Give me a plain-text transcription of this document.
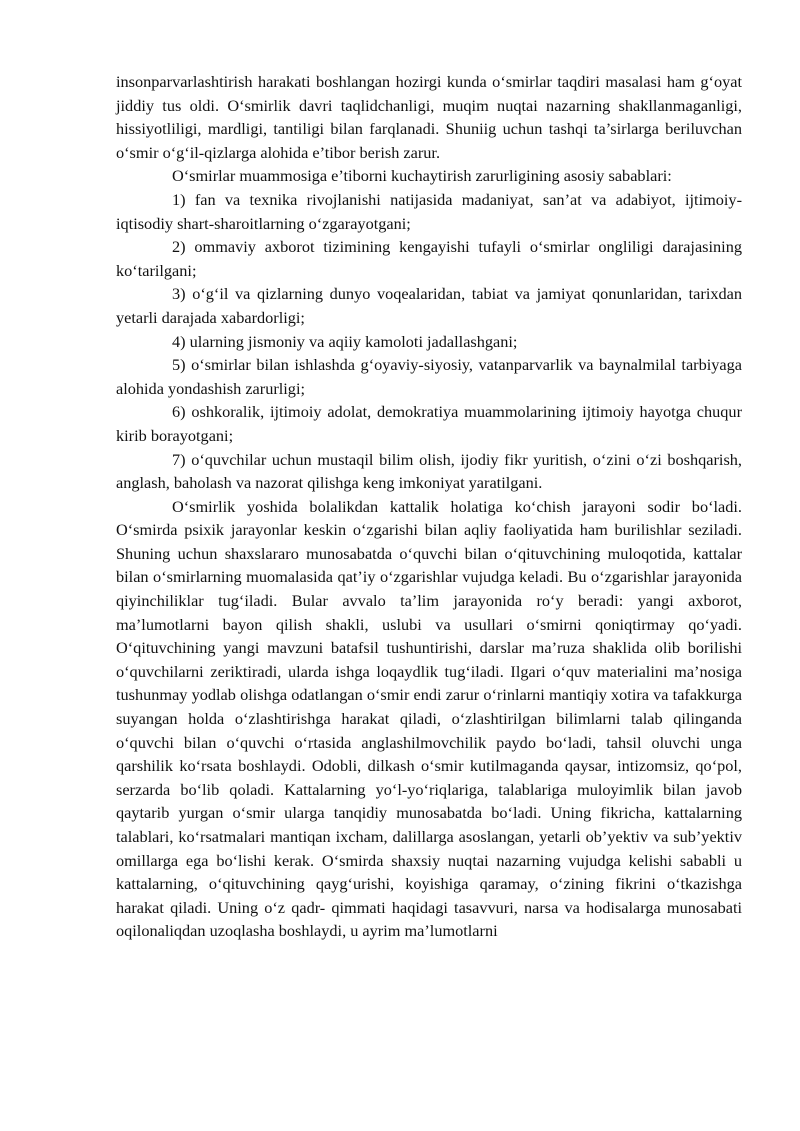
insonparvarlashtirish harakati boshlangan hozirgi kunda o‘smirlar taqdiri masalasi ham g‘oyat jiddiy tus oldi. O‘smirlik davri taqlidchanligi, muqim nuqtai nazarning shakllanmaganligi, hissiyotliligi, mardligi, tantiligi bilan farqlanadi. Shuniig uchun tashqi ta’sirlarga beriluvchan o‘smir o‘g‘il-qizlarga alohida e’tibor berish zarur.

O‘smirlar muammosiga e’tiborni kuchaytirish zarurligining asosiy sabablari:

1) fan va texnika rivojlanishi natijasida madaniyat, san’at va adabiyot, ijtimoiy-iqtisodiy shart-sharoitlarning o‘zgarayotgani;

2) ommaviy axborot tizimining kengayishi tufayli o‘smirlar ongliligi darajasining ko‘tarilgani;

3) o‘g‘il va qizlarning dunyo voqealaridan, tabiat va jamiyat qonunlaridan, tarixdan yetarli darajada xabardorligi;

4) ularning jismoniy va aqiiy kamoloti jadallashgani;

5) o‘smirlar bilan ishlashda g‘oyaviy-siyosiy, vatanparvarlik va baynalmilal tarbiyaga alohida yondashish zarurligi;

6) oshkoralik, ijtimoiy adolat, demokratiya muammolarining ijtimoiy hayotga chuqur kirib borayotgani;

7) o‘quvchilar uchun mustaqil bilim olish, ijodiy fikr yuritish, o‘zini o‘zi boshqarish, anglash, baholash va nazorat qilishga keng imkoniyat yaratilgani.

O‘smirlik yoshida bolalikdan kattalik holatiga ko‘chish jarayoni sodir bo‘ladi. O‘smirda psixik jarayonlar keskin o‘zgarishi bilan aqliy faoliyatida ham burilishlar seziladi. Shuning uchun shaxslararo munosabatda o‘quvchi bilan o‘qituvchining muloqotida, kattalar bilan o‘smirlarning muomalasida qat’iy o‘zgarishlar vujudga keladi. Bu o‘zgarishlar jarayonida qiyinchiliklar tug‘iladi. Bular avvalo ta’lim jarayonida ro‘y beradi: yangi axborot, ma’lumotlarni bayon qilish shakli, uslubi va usullari o‘smirni qoniqtirmay qo‘yadi. O‘qituvchining yangi mavzuni batafsil tushuntirishi, darslar ma’ruza shaklida olib borilishi o‘quvchilarni zeriktiradi, ularda ishga loqaydlik tug‘iladi. Ilgari o‘quv materialini ma’nosiga tushunmay yodlab olishga odatlangan o‘smir endi zarur o‘rinlarni mantiqiy xotira va tafakkurga suyangan holda o‘zlashtirishga harakat qiladi, o‘zlashtirilgan bilimlarni talab qilinganda o‘quvchi bilan o‘quvchi o‘rtasida anglashilmovchilik paydo bo‘ladi, tahsil oluvchi unga qarshilik ko‘rsata boshlaydi. Odobli, dilkash o‘smir kutilmaganda qaysar, intizomsiz, qo‘pol, serzarda bo‘lib qoladi. Kattalarning yo‘l-yo‘riqlariga, talablariga muloyimlik bilan javob qaytarib yurgan o‘smir ularga tanqidiy munosabatda bo‘ladi. Uning fikricha, kattalarning talablari, ko‘rsatmalari mantiqan ixcham, dalillarga asoslangan, yetarli ob’yektiv va sub’yektiv omillarga ega bo‘lishi kerak. O‘smirda shaxsiy nuqtai nazarning vujudga kelishi sababli u kattalarning, o‘qituvchining qayg‘urishi, koyishiga qaramay, o‘zining fikrini o‘tkazishga harakat qiladi. Uning o‘z qadr- qimmati haqidagi tasavvuri, narsa va hodisalarga munosabati oqilonaliqdan uzoqlasha boshlaydi, u ayrim ma’lumotlarni
